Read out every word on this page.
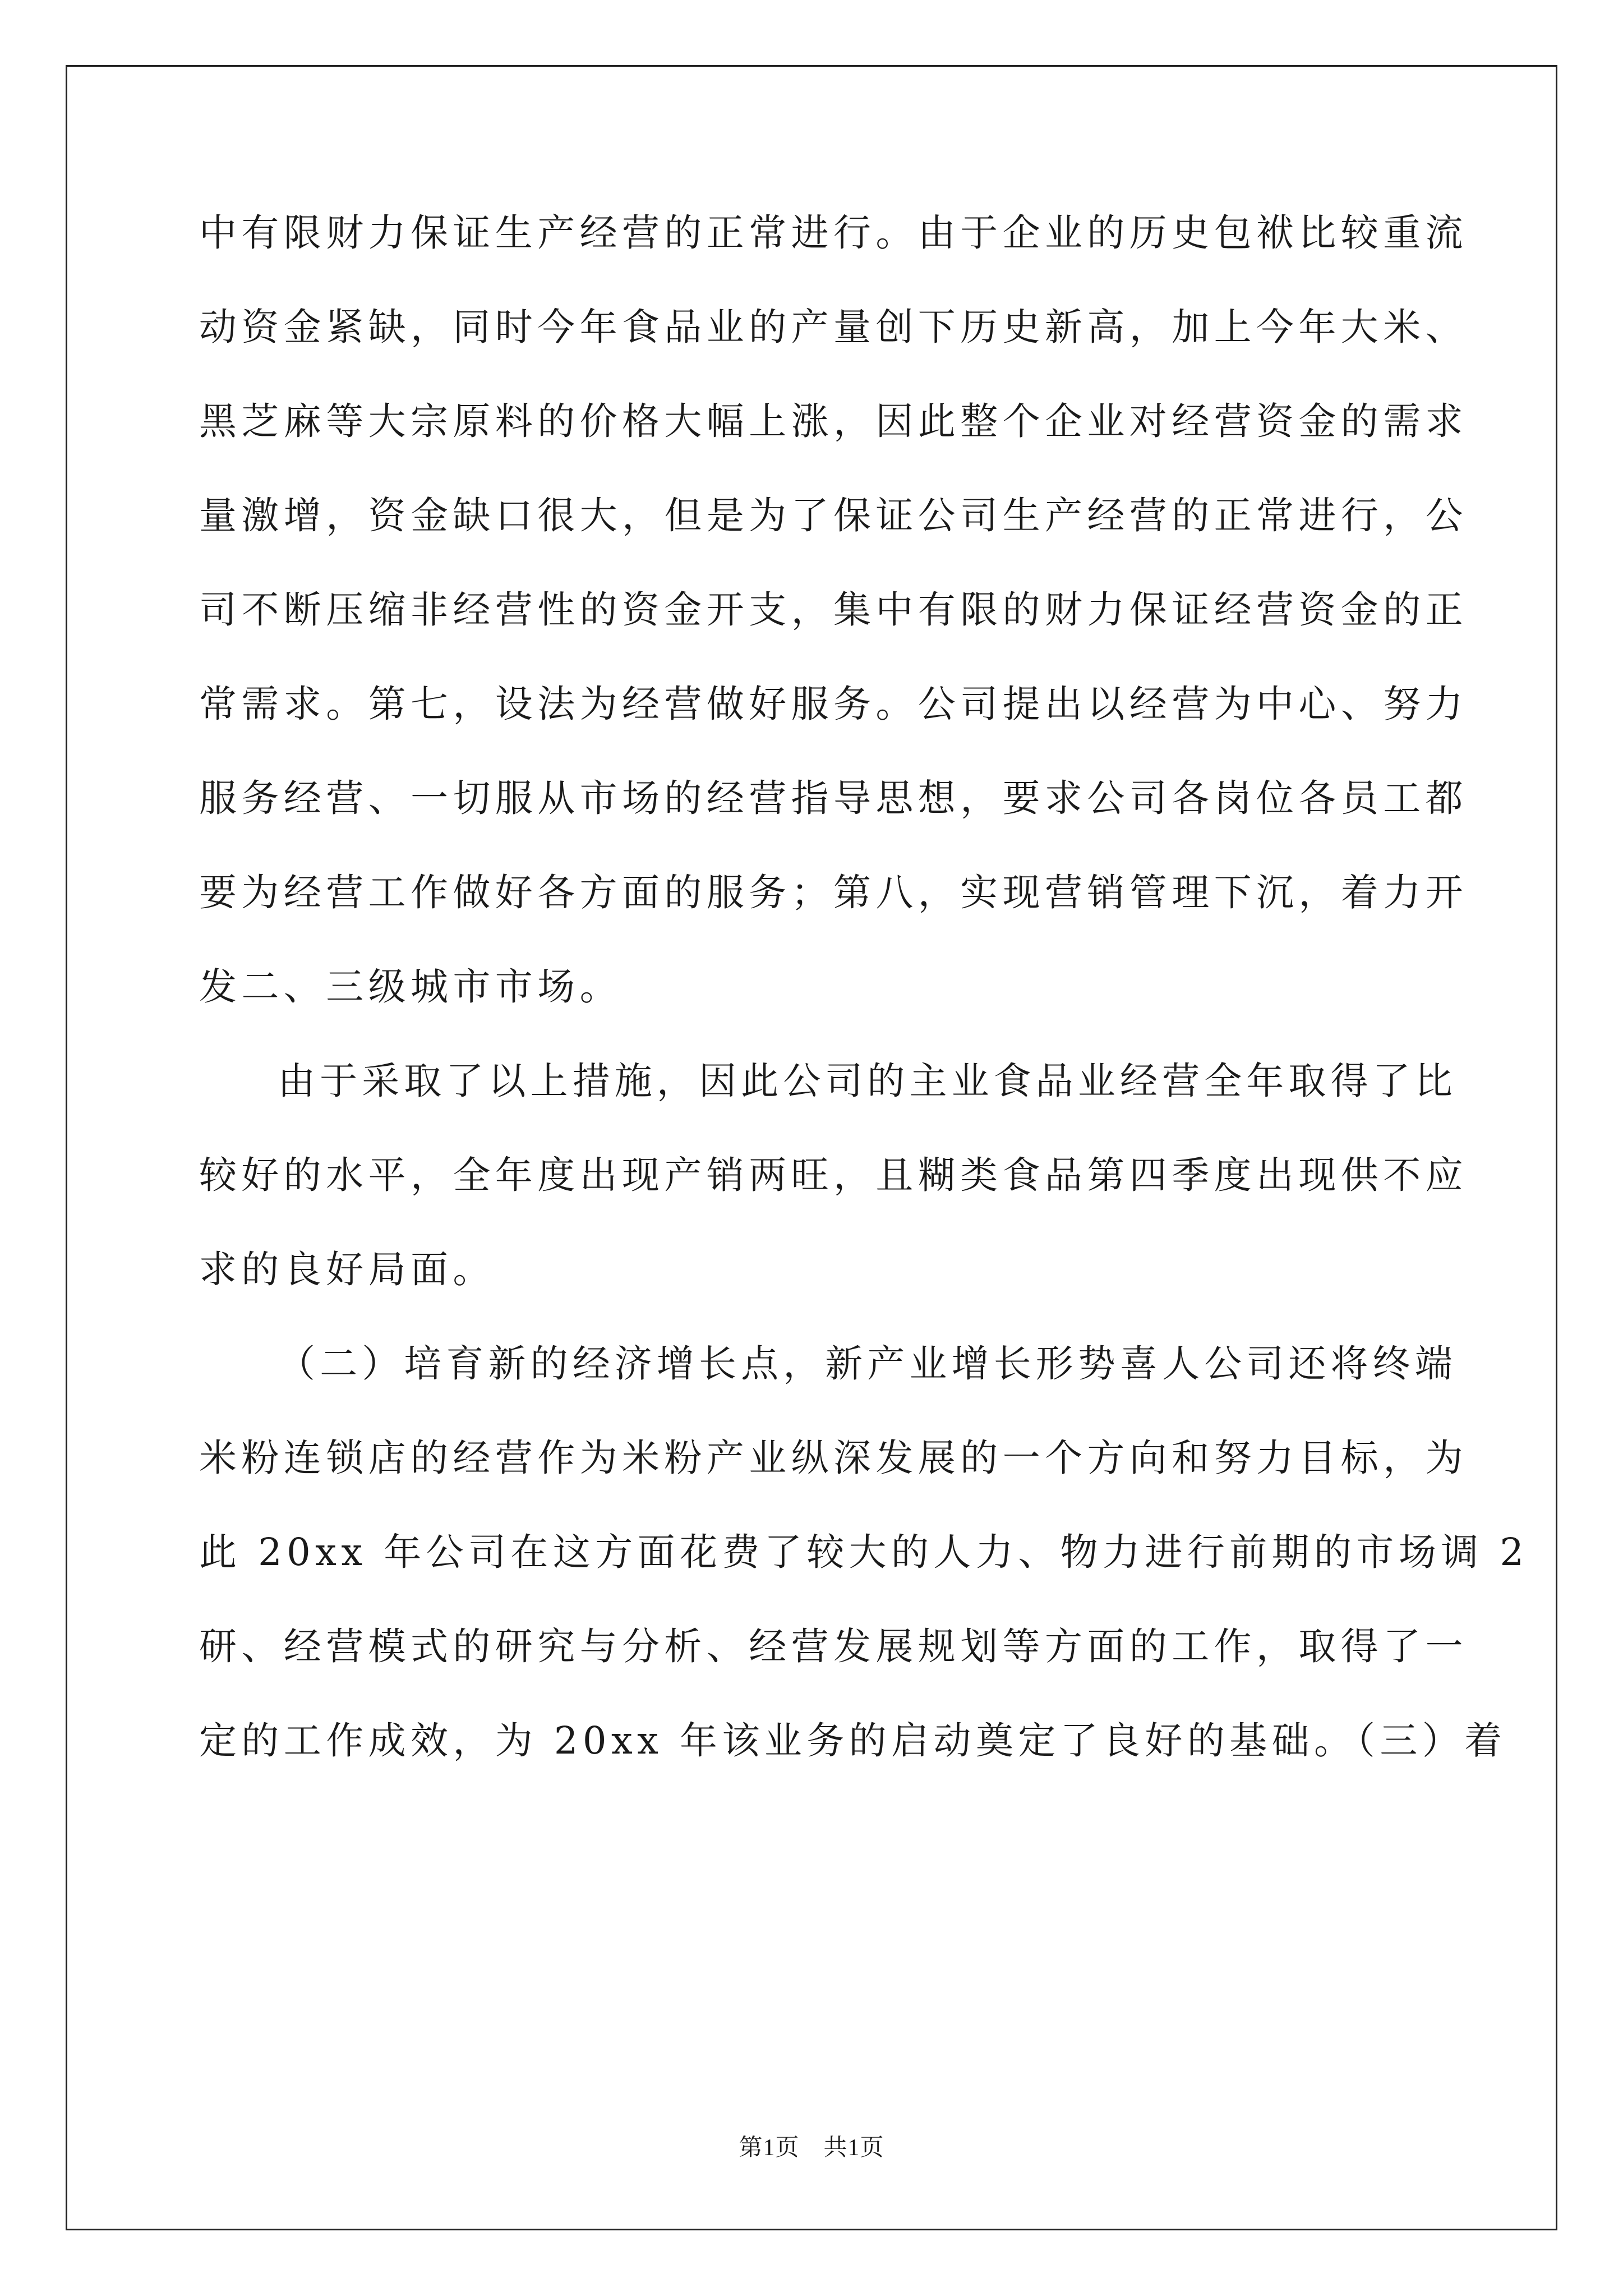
中有限财力保证生产经营的正常进行。由于企业的历史包袱比较重流
动资金紧缺，同时今年食品业的产量创下历史新高，加上今年大米、
黑芝麻等大宗原料的价格大幅上涨，因此整个企业对经营资金的需求
量激增，资金缺口很大，但是为了保证公司生产经营的正常进行，公
司不断压缩非经营性的资金开支，集中有限的财力保证经营资金的正
常需求。第七，设法为经营做好服务。公司提出以经营为中心、努力
服务经营、一切服从市场的经营指导思想，要求公司各岗位各员工都
要为经营工作做好各方面的服务；第八，实现营销管理下沉，着力开
发二、三级城市市场。
由于采取了以上措施，因此公司的主业食品业经营全年取得了比
较好的水平，全年度出现产销两旺，且糊类食品第四季度出现供不应
求的良好局面。
（二）培育新的经济增长点，新产业增长形势喜人公司还将终端
米粉连锁店的经营作为米粉产业纵深发展的一个方向和努力目标，为
此 20xx 年公司在这方面花费了较大的人力、物力进行前期的市场调 2
研、经营模式的研究与分析、经营发展规划等方面的工作，取得了一
定的工作成效，为 20xx 年该业务的启动奠定了良好的基础。（三）着
第1页　共1页
